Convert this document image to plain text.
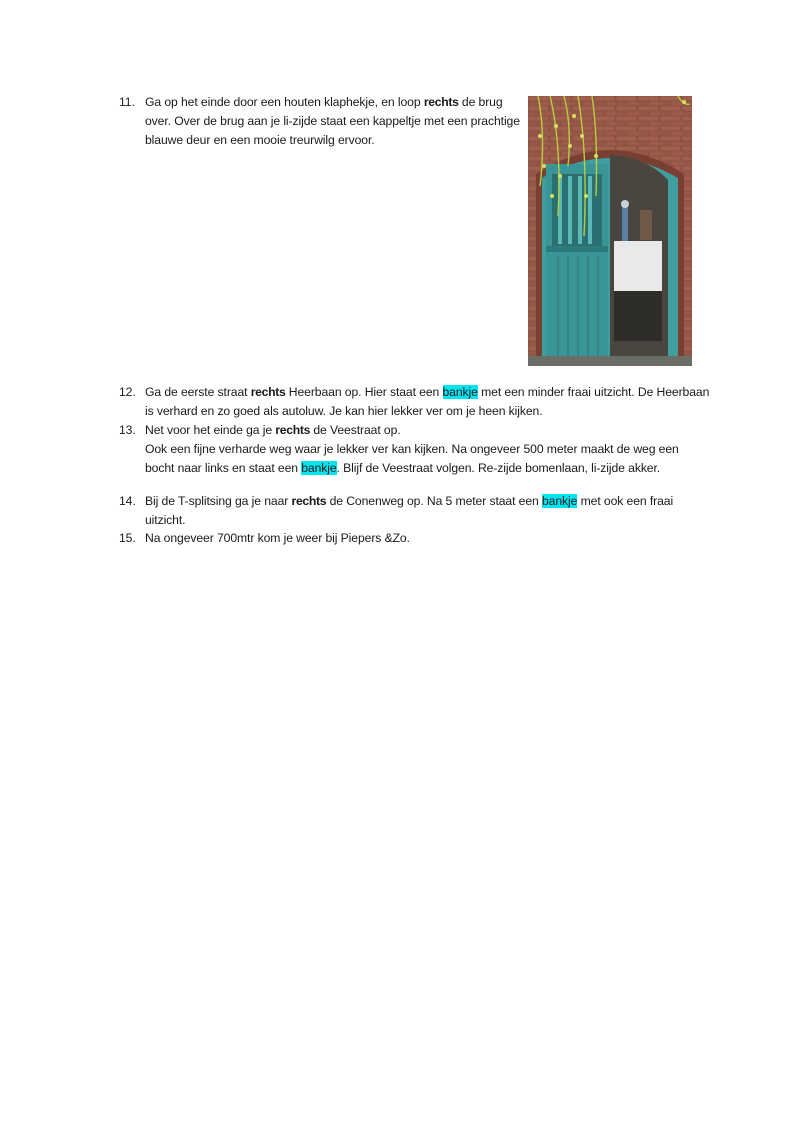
11. Ga op het einde door een houten klaphekje, en loop rechts de brug over. Over de brug aan je li-zijde staat een kappeltje met een prachtige blauwe deur en een mooie treurwilg ervoor.
12. Ga de eerste straat rechts Heerbaan op. Hier staat een bankje met een minder fraai uitzicht. De Heerbaan is verhard en zo goed als autoluw. Je kan hier lekker ver om je heen kijken.
13. Net voor het einde ga je rechts de Veestraat op.
Ook een fijne verharde weg waar je lekker ver kan kijken. Na ongeveer 500 meter maakt de weg een bocht naar links en staat een bankje. Blijf de Veestraat volgen. Re-zijde bomenlaan, li-zijde akker.
14. Bij de T-splitsing ga je naar rechts de Conenweg op. Na 5 meter staat een bankje met ook een fraai uitzicht.
15. Na ongeveer 700mtr kom je weer bij Piepers &Zo.
